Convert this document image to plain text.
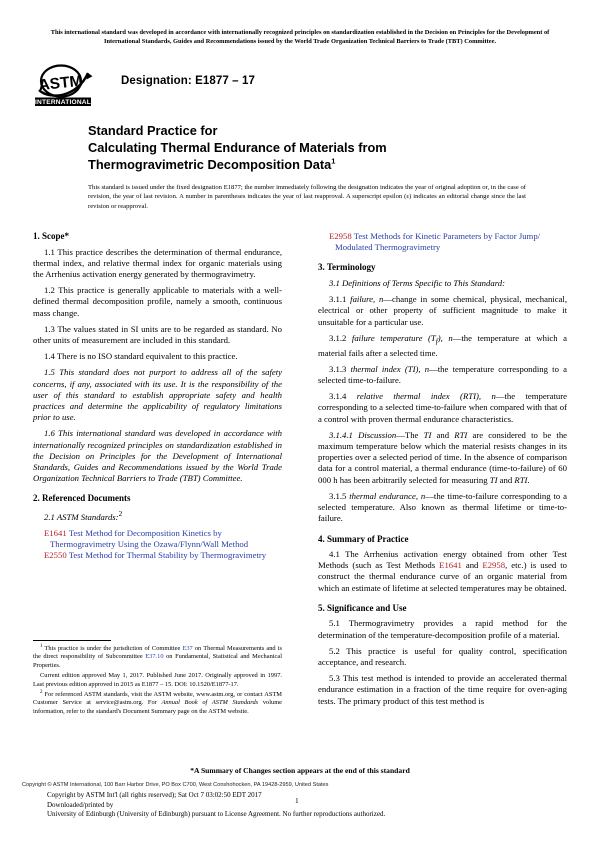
This international standard was developed in accordance with internationally recognized principles on standardization established in the Decision on Principles for the Development of International Standards, Guides and Recommendations issued by the World Trade Organization Technical Barriers to Trade (TBT) Committee.
ASTM
INTERNATIONAL
Designation: E1877 – 17
Standard Practice for
Calculating Thermal Endurance of Materials from
Thermogravimetric Decomposition Data$^1$
This standard is issued under the fixed designation E1877; the number immediately following the designation indicates the year of original adoption or, in the case of revision, the year of last revision. A number in parentheses indicates the year of last reapproval. A superscript epsilon (ε) indicates an editorial change since the last revision or reapproval.
1. Scope*

1.1 This practice describes the determination of thermal endurance, thermal index, and relative thermal index for organic materials using the Arrhenius activation energy generated by thermogravimetry.

1.2 This practice is generally applicable to materials with a well-defined thermal decomposition profile, namely a smooth, continuous mass change.

1.3 The values stated in SI units are to be regarded as standard. No other units of measurement are included in this standard.

1.4 There is no ISO standard equivalent to this practice.

1.5 This standard does not purport to address all of the safety concerns, if any, associated with its use. It is the responsibility of the user of this standard to establish appropriate safety and health practices and determine the applicability of regulatory limitations prior to use.

1.6 This international standard was developed in accordance with internationally recognized principles on standardization established in the Decision on Principles for the Development of International Standards, Guides and Recommendations issued by the World Trade Organization Technical Barriers to Trade (TBT) Committee.

2. Referenced Documents

2.1 ASTM Standards:$^2$

E1641 Test Method for Decomposition Kinetics by Thermogravimetry Using the Ozawa/Flynn/Wall Method
E2550 Test Method for Thermal Stability by Thermogravimetry
E2958 Test Methods for Kinetic Parameters by Factor Jump/ Modulated Thermogravimetry
3. Terminology

3.1 Definitions of Terms Specific to This Standard:

3.1.1 failure, n—change in some chemical, physical, mechanical, electrical or other property of sufficient magnitude to make it unsuitable for a particular use.

3.1.2 failure temperature $(T_f)$, n—the temperature at which a material fails after a selected time.

3.1.3 thermal index (TI), n—the temperature corresponding to a selected time-to-failure.

3.1.4 relative thermal index (RTI), n—the temperature corresponding to a selected time-to-failure when compared with that of a control with proven thermal endurance characteristics.

3.1.4.1 Discussion—The TI and RTI are considered to be the maximum temperature below which the material resists changes in its properties over a selected period of time. In the absence of comparison data for a control material, a thermal endurance (time-to-failure) of 60 000 h has been arbitrarily selected for measuring TI and RTI.

3.1.5 thermal endurance, n—the time-to-failure corresponding to a selected temperature. Also known as thermal lifetime or time-to-failure.

4. Summary of Practice

4.1 The Arrhenius activation energy obtained from other Test Methods (such as Test Methods E1641 and E2958, etc.) is used to construct the thermal endurance curve of an organic material from which an estimate of lifetime at selected temperatures may be obtained.

5. Significance and Use

5.1 Thermogravimetry provides a rapid method for the determination of the temperature-decomposition profile of a material.

5.2 This practice is useful for quality control, specification acceptance, and research.

5.3 This test method is intended to provide an accelerated thermal endurance estimation in a fraction of the time require for oven-aging tests. The primary product of this test method is

$^1$ This practice is under the jurisdiction of Committee E37 on Thermal Measurements and is the direct responsibility of Subcommittee E37.10 on Fundamental, Statistical and Mechanical Properties.

Current edition approved May 1, 2017. Published June 2017. Originally approved in 1997. Last previous edition approved in 2015 as E1877 – 15. DOI: 10.1520/E1877-17.

$^2$ For referenced ASTM standards, visit the ASTM website, www.astm.org, or contact ASTM Customer Service at service@astm.org. For Annual Book of ASTM Standards volume information, refer to the standard's Document Summary page on the ASTM website.

*A Summary of Changes section appears at the end of this standard
Copyright © ASTM International, 100 Barr Harbor Drive, PO Box C700, West Conshohocken, PA 19428-2959, United States
Copyright by ASTM Int'l (all rights reserved); Sat Oct 7 03:02:50 EDT 2017
Downloaded/printed by
University of Edinburgh (University of Edinburgh) pursuant to License Agreement. No further reproductions authorized.
1
